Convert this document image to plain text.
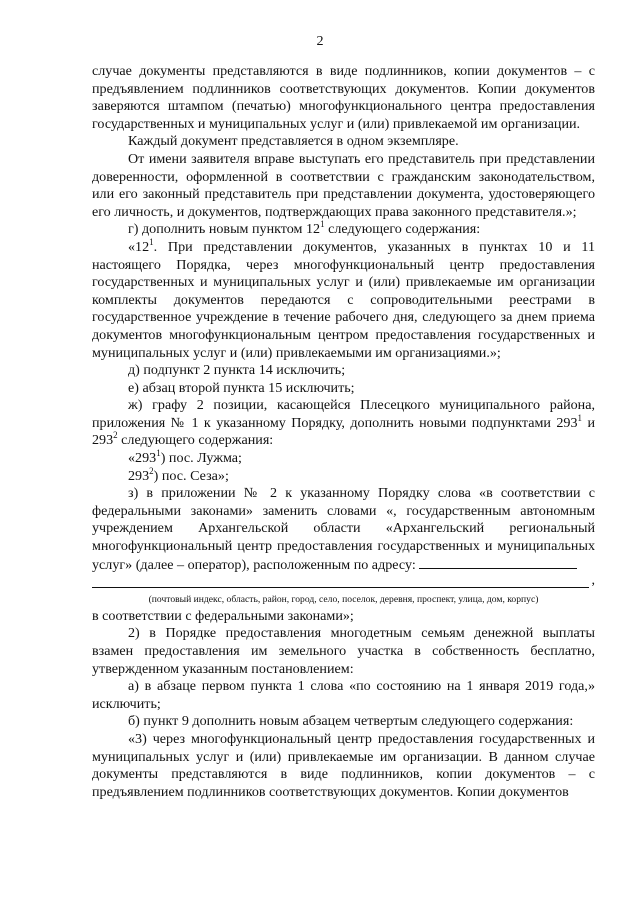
2

случае документы представляются в виде подлинников, копии документов – с предъявлением подлинников соответствующих документов. Копии документов заверяются штампом (печатью) многофункционального центра предоставления государственных и муниципальных услуг и (или) привлекаемой им организации.

Каждый документ представляется в одном экземпляре.

От имени заявителя вправе выступать его представитель при представлении доверенности, оформленной в соответствии с гражданским законодательством, или его законный представитель при представлении документа, удостоверяющего его личность, и документов, подтверждающих права законного представителя.»;

г) дополнить новым пунктом $12^1$ следующего содержания:

«$12^1$. При представлении документов, указанных в пунктах 10 и 11 настоящего Порядка, через многофункциональный центр предоставления государственных и муниципальных услуг и (или) привлекаемые им организации комплекты документов передаются с сопроводительными реестрами в государственное учреждение в течение рабочего дня, следующего за днем приема документов многофункциональным центром предоставления государственных и муниципальных услуг и (или) привлекаемыми им организациями.»;

д) подпункт 2 пункта 14 исключить;

е) абзац второй пункта 15 исключить;

ж) графу 2 позиции, касающейся Плесецкого муниципального района, приложения № 1 к указанному Порядку, дополнить новыми подпунктами $293^1$ и $293^2$ следующего содержания:

«$293^1$) пос. Лужма;

$293^2$) пос. Сеза»;

з) в приложении № 2 к указанному Порядку слова «в соответствии с федеральными законами» заменить словами «, государственным автономным учреждением Архангельской области «Архангельский региональный многофункциональный центр предоставления государственных и муниципальных услуг» (далее – оператор), расположенным по адресу:

,
(почтовый индекс, область, район, город, село, поселок, деревня, проспект, улица, дом, корпус)

в соответствии с федеральными законами»;

2) в Порядке предоставления многодетным семьям денежной выплаты взамен предоставления им земельного участка в собственность бесплатно, утвержденном указанным постановлением:

а) в абзаце первом пункта 1 слова «по состоянию на 1 января 2019 года,» исключить;

б) пункт 9 дополнить новым абзацем четвертым следующего содержания:

«3) через многофункциональный центр предоставления государственных и муниципальных услуг и (или) привлекаемые им организации. В данном случае документы представляются в виде подлинников, копии документов – с предъявлением подлинников соответствующих документов. Копии документов
